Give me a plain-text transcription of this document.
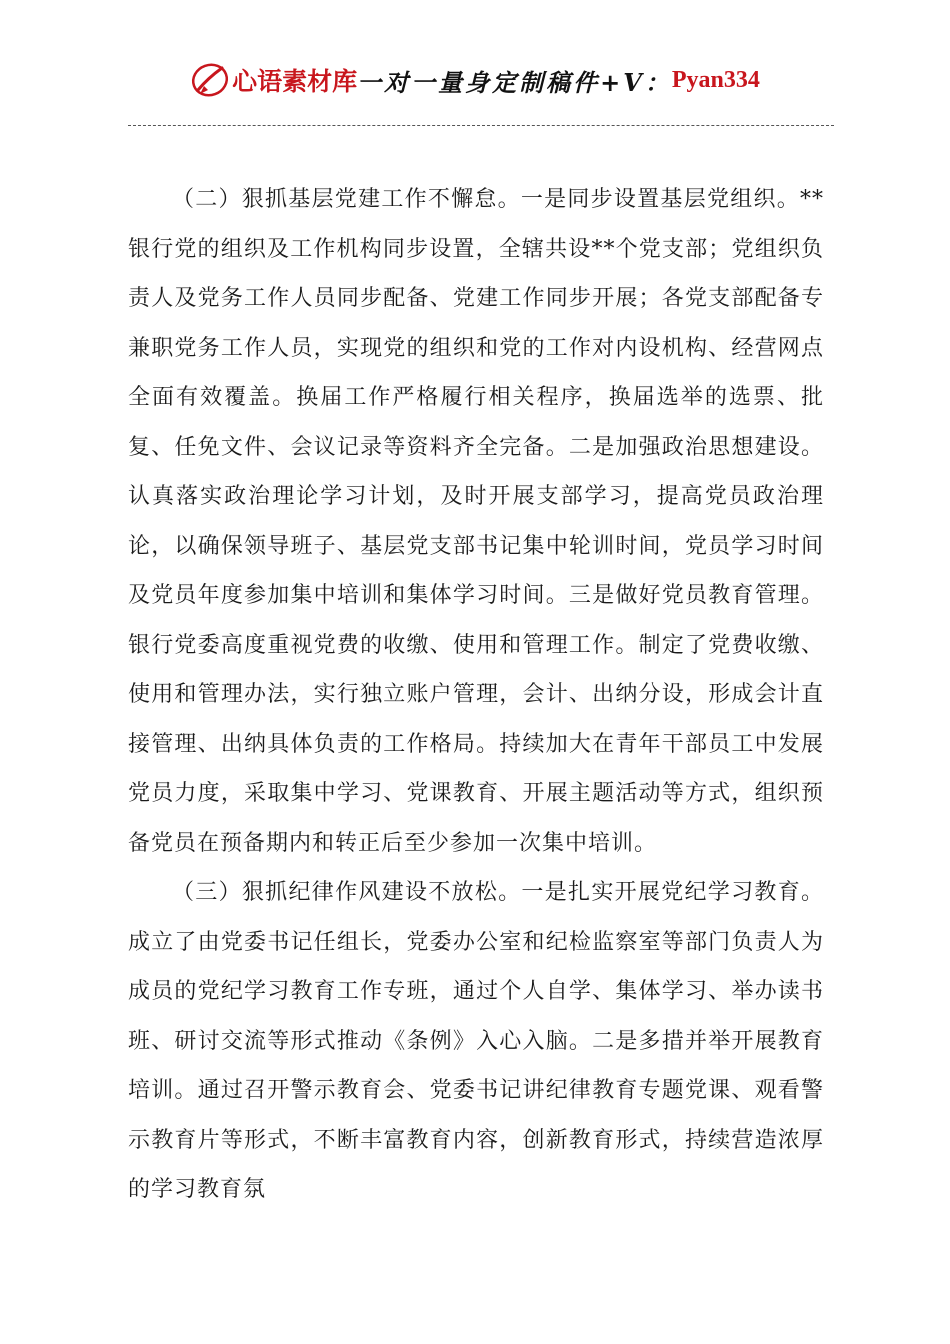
心语素材库 一对一量身定制稿件+V： Pyan334

（二）狠抓基层党建工作不懈怠。一是同步设置基层党组织。**银行党的组织及工作机构同步设置，全辖共设**个党支部；党组织负责人及党务工作人员同步配备、党建工作同步开展；各党支部配备专兼职党务工作人员，实现党的组织和党的工作对内设机构、经营网点全面有效覆盖。换届工作严格履行相关程序，换届选举的选票、批复、任免文件、会议记录等资料齐全完备。二是加强政治思想建设。认真落实政治理论学习计划，及时开展支部学习，提高党员政治理论，以确保领导班子、基层党支部书记集中轮训时间，党员学习时间及党员年度参加集中培训和集体学习时间。三是做好党员教育管理。银行党委高度重视党费的收缴、使用和管理工作。制定了党费收缴、使用和管理办法，实行独立账户管理，会计、出纳分设，形成会计直接管理、出纳具体负责的工作格局。持续加大在青年干部员工中发展党员力度，采取集中学习、党课教育、开展主题活动等方式，组织预备党员在预备期内和转正后至少参加一次集中培训。

（三）狠抓纪律作风建设不放松。一是扎实开展党纪学习教育。成立了由党委书记任组长，党委办公室和纪检监察室等部门负责人为成员的党纪学习教育工作专班，通过个人自学、集体学习、举办读书班、研讨交流等形式推动《条例》入心入脑。二是多措并举开展教育培训。通过召开警示教育会、党委书记讲纪律教育专题党课、观看警示教育片等形式，不断丰富教育内容，创新教育形式，持续营造浓厚的学习教育氛
